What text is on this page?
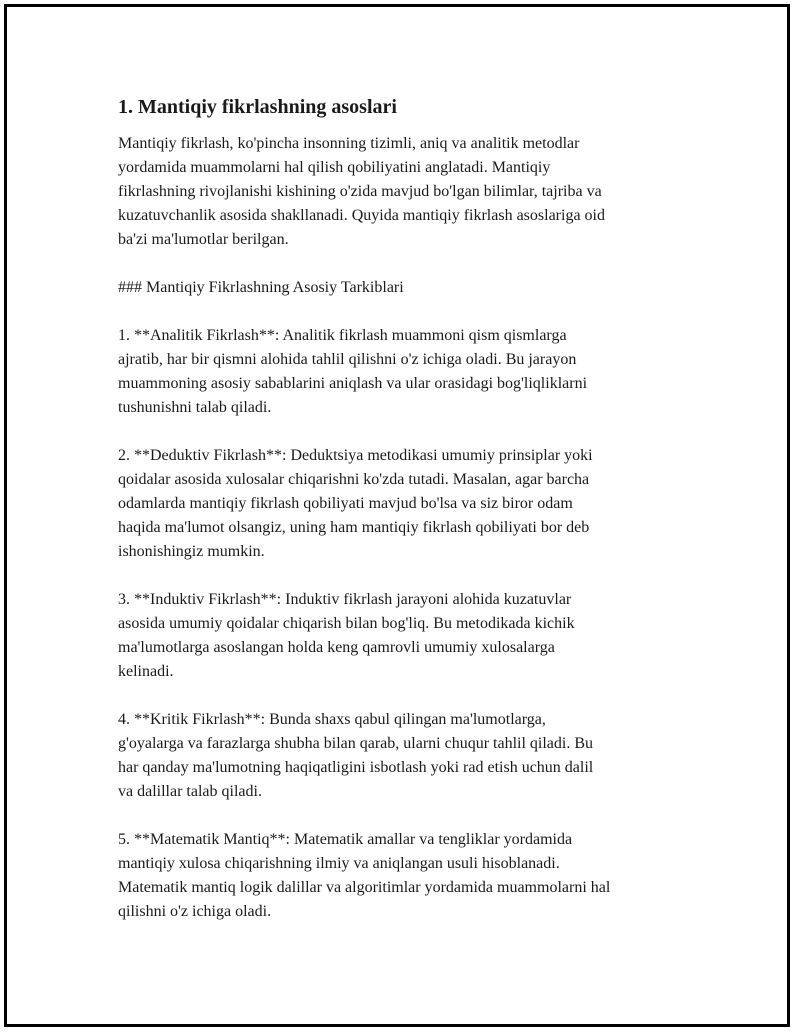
1. Mantiqiy fikrlashning asoslari

Mantiqiy fikrlash, ko'pincha insonning tizimli, aniq va analitik metodlar
yordamida muammolarni hal qilish qobiliyatini anglatadi. Mantiqiy
fikrlashning rivojlanishi kishining o'zida mavjud bo'lgan bilimlar, tajriba va
kuzatuvchanlik asosida shakllanadi. Quyida mantiqiy fikrlash asoslariga oid
ba'zi ma'lumotlar berilgan.

### Mantiqiy Fikrlashning Asosiy Tarkiblari

1. **Analitik Fikrlash**: Analitik fikrlash muammoni qism qismlarga
ajratib, har bir qismni alohida tahlil qilishni o'z ichiga oladi. Bu jarayon
muammoning asosiy sabablarini aniqlash va ular orasidagi bog'liqliklarni
tushunishni talab qiladi.

2. **Deduktiv Fikrlash**: Deduktsiya metodikasi umumiy prinsiplar yoki
qoidalar asosida xulosalar chiqarishni ko'zda tutadi. Masalan, agar barcha
odamlarda mantiqiy fikrlash qobiliyati mavjud bo'lsa va siz biror odam
haqida ma'lumot olsangiz, uning ham mantiqiy fikrlash qobiliyati bor deb
ishonishingiz mumkin.

3. **Induktiv Fikrlash**: Induktiv fikrlash jarayoni alohida kuzatuvlar
asosida umumiy qoidalar chiqarish bilan bog'liq. Bu metodikada kichik
ma'lumotlarga asoslangan holda keng qamrovli umumiy xulosalarga
kelinadi.

4. **Kritik Fikrlash**: Bunda shaxs qabul qilingan ma'lumotlarga,
g'oyalarga va farazlarga shubha bilan qarab, ularni chuqur tahlil qiladi. Bu
har qanday ma'lumotning haqiqatligini isbotlash yoki rad etish uchun dalil
va dalillar talab qiladi.

5. **Matematik Mantiq**: Matematik amallar va tengliklar yordamida
mantiqiy xulosa chiqarishning ilmiy va aniqlangan usuli hisoblanadi.
Matematik mantiq logik dalillar va algoritimlar yordamida muammolarni hal
qilishni o'z ichiga oladi.
